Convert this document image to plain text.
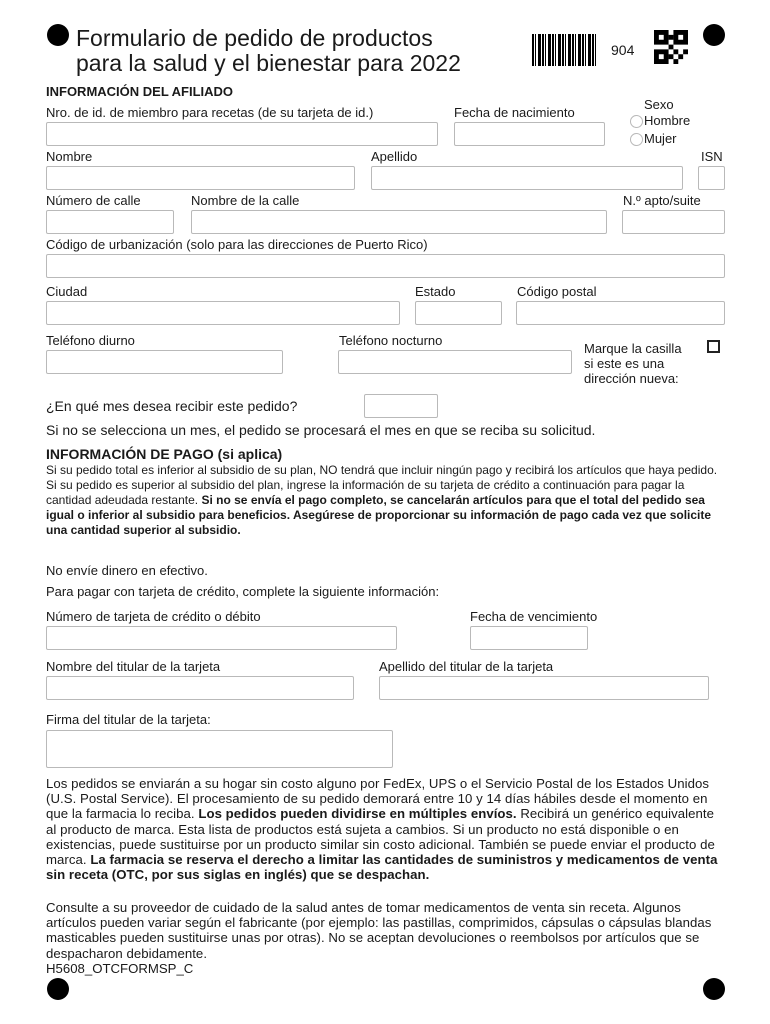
Formulario de pedido de productos
para la salud y el bienestar para 2022	904
INFORMACIÓN DEL AFILIADO
Nro. de id. de miembro para recetas (de su tarjeta de id.)	Fecha de nacimiento
Sexo
Hombre
Mujer
Nombre	Apellido	ISN
Número de calle	Nombre de la calle	N.º apto/suite
Código de urbanización (solo para las direcciones de Puerto Rico)
Ciudad	Estado	Código postal
Teléfono diurno	Teléfono nocturno
Marque la casilla
si este es una
dirección nueva:
¿En qué mes desea recibir este pedido?
Si no se selecciona un mes, el pedido se procesará el mes en que se reciba su solicitud.
INFORMACIÓN DE PAGO (si aplica)
Si su pedido total es inferior al subsidio de su plan, NO tendrá que incluir ningún pago y recibirá los artículos que haya pedido. Si su pedido es superior al subsidio del plan, ingrese la información de su tarjeta de crédito a continuación para pagar la cantidad adeudada restante. Si no se envía el pago completo, se cancelarán artículos para que el total del pedido sea igual o inferior al subsidio para beneficios. Asegúrese de proporcionar su información de pago cada vez que solicite una cantidad superior al subsidio.
No envíe dinero en efectivo.
Para pagar con tarjeta de crédito, complete la siguiente información:
Número de tarjeta de crédito o débito	Fecha de vencimiento
Nombre del titular de la tarjeta	Apellido del titular de la tarjeta
Firma del titular de la tarjeta:
Los pedidos se enviarán a su hogar sin costo alguno por FedEx, UPS o el Servicio Postal de los Estados Unidos (U.S. Postal Service). El procesamiento de su pedido demorará entre 10 y 14 días hábiles desde el momento en que la farmacia lo reciba. Los pedidos pueden dividirse en múltiples envíos. Recibirá un genérico equivalente al producto de marca. Esta lista de productos está sujeta a cambios. Si un producto no está disponible o en existencias, puede sustituirse por un producto similar sin costo adicional. También se puede enviar el producto de marca. La farmacia se reserva el derecho a limitar las cantidades de suministros y medicamentos de venta sin receta (OTC, por sus siglas en inglés) que se despachan.
Consulte a su proveedor de cuidado de la salud antes de tomar medicamentos de venta sin receta. Algunos artículos pueden variar según el fabricante (por ejemplo: las pastillas, comprimidos, cápsulas o cápsulas blandas masticables pueden sustituirse unas por otras). No se aceptan devoluciones o reembolsos por artículos que se despacharon debidamente.
H5608_OTCFORMSP_C
